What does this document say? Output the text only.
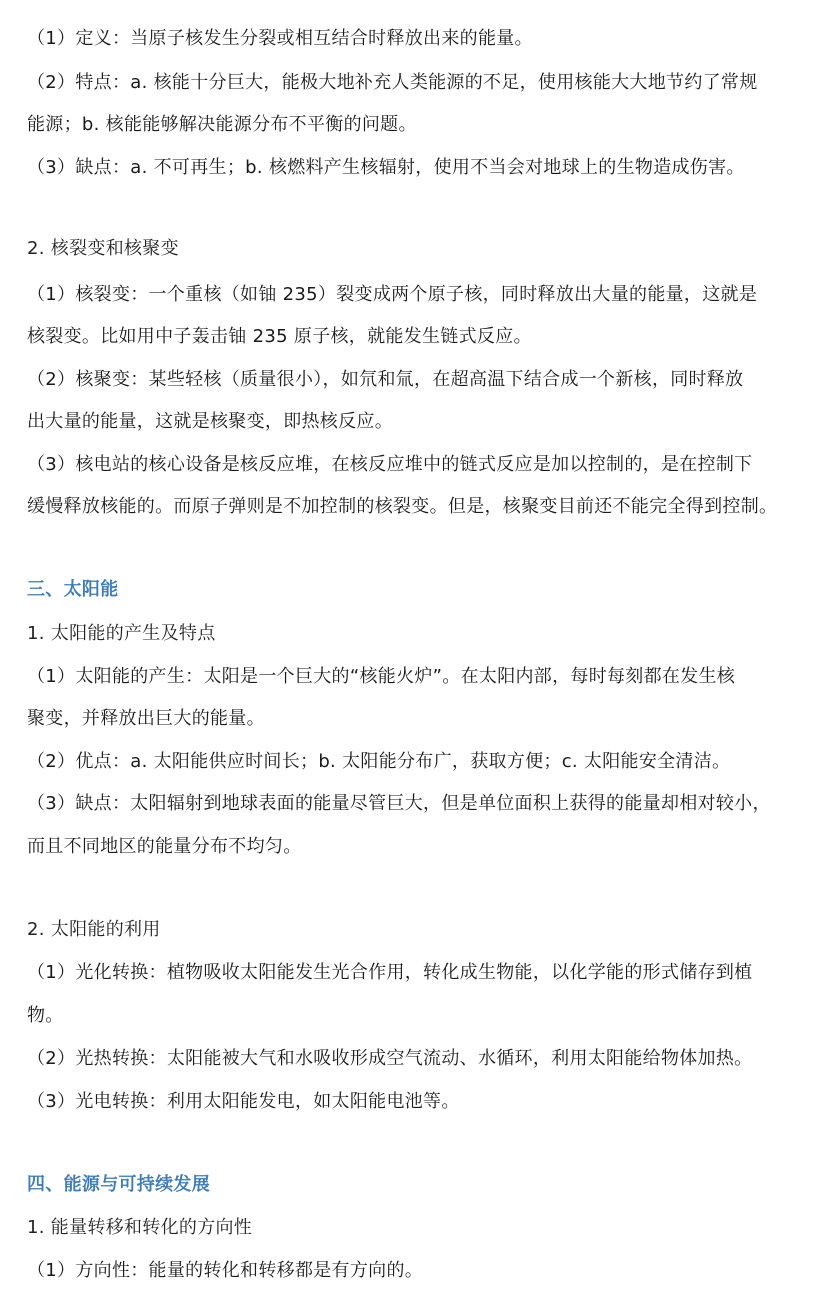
（1）定义：当原子核发生分裂或相互结合时释放出来的能量。
（2）特点：a. 核能十分巨大，能极大地补充人类能源的不足，使用核能大大地节约了常规
能源；b. 核能能够解决能源分布不平衡的问题。
（3）缺点：a. 不可再生；b. 核燃料产生核辐射，使用不当会对地球上的生物造成伤害。
2. 核裂变和核聚变
（1）核裂变：一个重核（如铀 235）裂变成两个原子核，同时释放出大量的能量，这就是
核裂变。比如用中子轰击铀 235 原子核，就能发生链式反应。
（2）核聚变：某些轻核（质量很小），如氘和氚，在超高温下结合成一个新核，同时释放
出大量的能量，这就是核聚变，即热核反应。
（3）核电站的核心设备是核反应堆，在核反应堆中的链式反应是加以控制的，是在控制下
缓慢释放核能的。而原子弹则是不加控制的核裂变。但是，核聚变目前还不能完全得到控制。
三、太阳能
1. 太阳能的产生及特点
（1）太阳能的产生：太阳是一个巨大的“核能火炉”。在太阳内部，每时每刻都在发生核
聚变，并释放出巨大的能量。
（2）优点：a. 太阳能供应时间长；b. 太阳能分布广，获取方便；c. 太阳能安全清洁。
（3）缺点：太阳辐射到地球表面的能量尽管巨大，但是单位面积上获得的能量却相对较小，
而且不同地区的能量分布不均匀。
2. 太阳能的利用
（1）光化转换：植物吸收太阳能发生光合作用，转化成生物能，以化学能的形式储存到植
物。
（2）光热转换：太阳能被大气和水吸收形成空气流动、水循环，利用太阳能给物体加热。
（3）光电转换：利用太阳能发电，如太阳能电池等。
四、能源与可持续发展
1. 能量转移和转化的方向性
（1）方向性：能量的转化和转移都是有方向的。
